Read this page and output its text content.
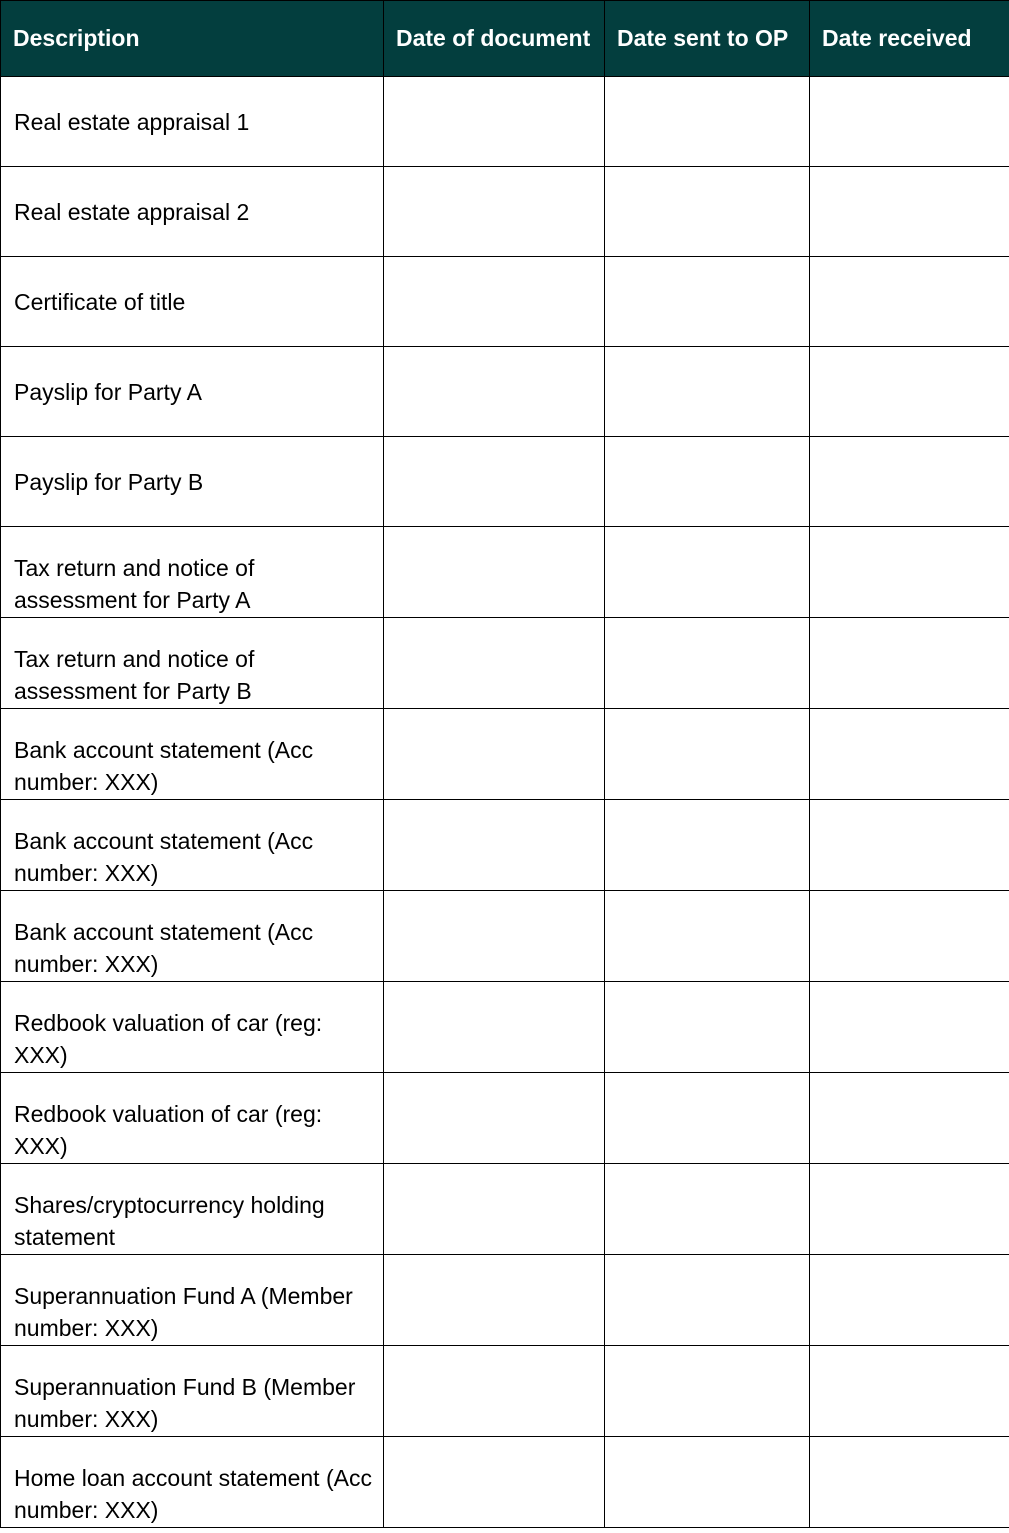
Description	Date of document	Date sent to OP	Date received
Real estate appraisal 1			
Real estate appraisal 2			
Certificate of title			
Payslip for Party A			
Payslip for Party B			
Tax return and notice of assessment for Party A			
Tax return and notice of assessment for Party B			
Bank account statement (Acc number: XXX)			
Bank account statement (Acc number: XXX)			
Bank account statement (Acc number: XXX)			
Redbook valuation of car (reg: XXX)			
Redbook valuation of car (reg: XXX)			
Shares/cryptocurrency holding statement			
Superannuation Fund A (Member number: XXX)			
Superannuation Fund B (Member number: XXX)			
Home loan account statement (Acc number: XXX)			
